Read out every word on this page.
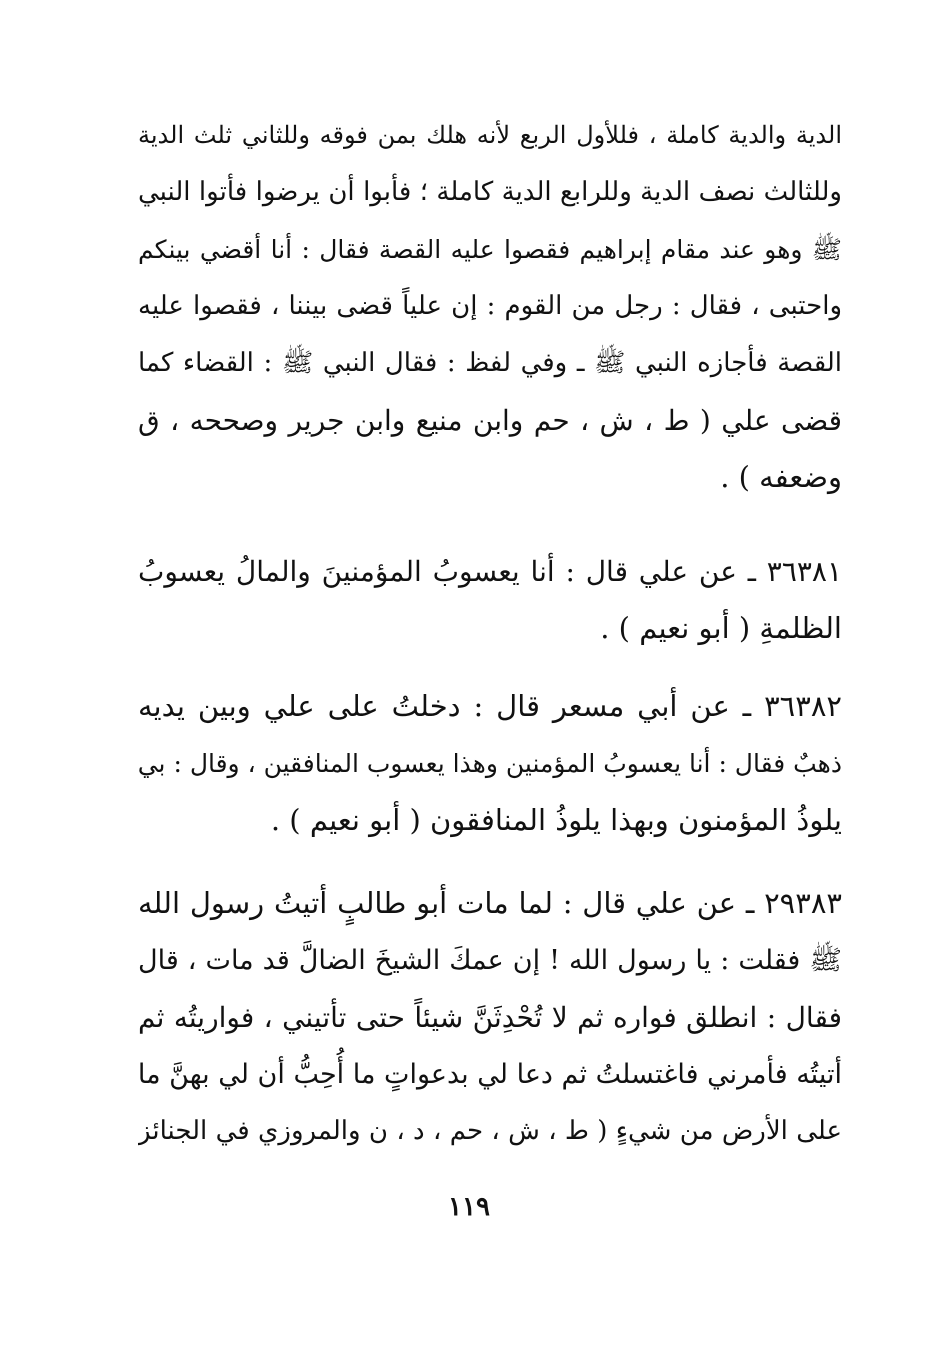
الدية والدية كاملة ، فللأول الربع لأنه هلك بمن فوقه وللثاني ثلث الدية
وللثالث نصف الدية وللرابع الدية كاملة ؛ فأبوا أن يرضوا فأتوا النبي
ﷺ وهو عند مقام إبراهيم فقصوا عليه القصة فقال : أنا أقضي بينكم
واحتبى ، فقال : رجل من القوم : إن علياً قضى بيننا ، فقصوا عليه
القصة فأجازه النبي ﷺ ـ وفي لفظ : فقال النبي ﷺ : القضاء كما
قضى علي ( ط ، ش ، حم وابن منيع وابن جرير وصححه ، ق
وضعفه ) .
٣٦٣٨١ ـ عن علي قال : أنا يعسوبُ المؤمنينَ والمالُ يعسوبُ
الظلمةِ ( أبو نعيم ) .
٣٦٣٨٢ ـ عن أبي مسعر قال : دخلتُ على علي وبين يديه
ذهبٌ فقال : أنا يعسوبُ المؤمنين وهذا يعسوب المنافقين ، وقال : بي
يلوذُ المؤمنون وبهذا يلوذُ المنافقون ( أبو نعيم ) .
٢٩٣٨٣ ـ عن علي قال : لما مات أبو طالبٍ أتيتُ رسول الله
ﷺ فقلت : يا رسول الله ! إن عمكَ الشيخَ الضالَّ قد مات ، قال
فقال : انطلق فواره ثم لا تُحْدِثَنَّ شيئاً حتى تأتيني ، فواريتُه ثم
أتيتُه فأمرني فاغتسلتُ ثم دعا لي بدعواتٍ ما أُحِبُّ أن لي بهنَّ ما
على الأرض من شيءٍ ( ط ، ش ، حم ، د ، ن والمروزي في الجنائز
١١٩
